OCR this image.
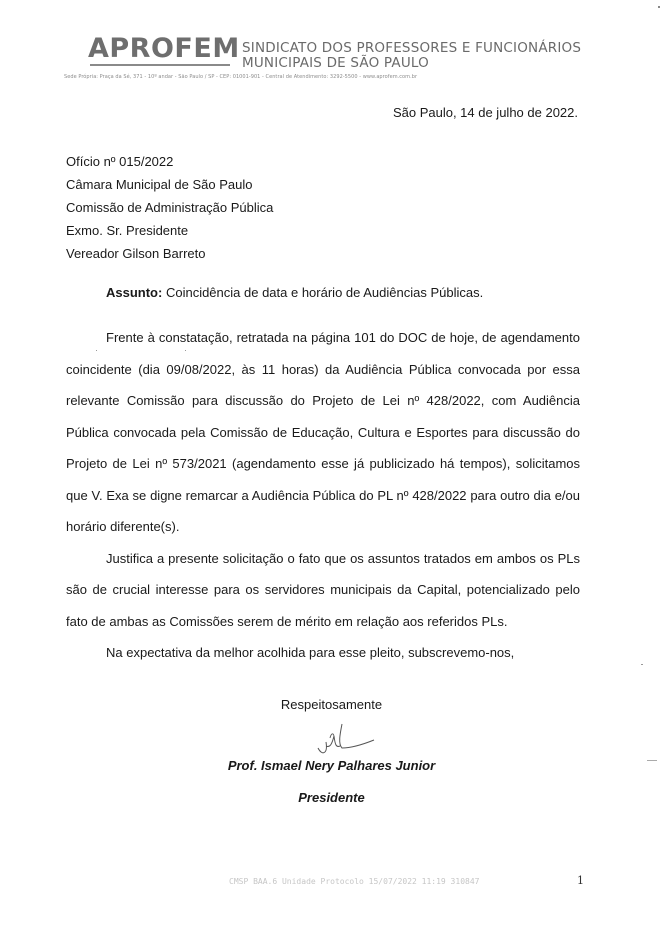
APROFEM SINDICATO DOS PROFESSORES E FUNCIONÁRIOS
MUNICIPAIS DE SÃO PAULO
Sede Própria: Praça da Sé, 371 - 10º andar - São Paulo / SP - CEP: 01001-901 - Central de Atendimento: 3292-5500 - www.aprofem.com.br
São Paulo, 14 de julho de 2022.
Ofício nº 015/2022
Câmara Municipal de São Paulo
Comissão de Administração Pública
Exmo. Sr. Presidente
Vereador Gilson Barreto
Assunto: Coincidência de data e horário de Audiências Públicas.

Frente à constatação, retratada na página 101 do DOC de hoje, de agendamento coincidente (dia 09/08/2022, às 11 horas) da Audiência Pública convocada por essa relevante Comissão para discussão do Projeto de Lei nº 428/2022, com Audiência Pública convocada pela Comissão de Educação, Cultura e Esportes para discussão do Projeto de Lei nº 573/2021 (agendamento esse já publicizado há tempos), solicitamos que V. Exa se digne remarcar a Audiência Pública do PL nº 428/2022 para outro dia e/ou horário diferente(s).

Justifica a presente solicitação o fato que os assuntos tratados em ambos os PLs são de crucial interesse para os servidores municipais da Capital, potencializado pelo fato de ambas as Comissões serem de mérito em relação aos referidos PLs.

Na expectativa da melhor acolhida para esse pleito, subscrevemo-nos,

Respeitosamente
Prof. Ismael Nery Palhares Junior
Presidente
CMSP BAA.6 Unidade Protocolo 15/07/2022 11:19 310847	1
